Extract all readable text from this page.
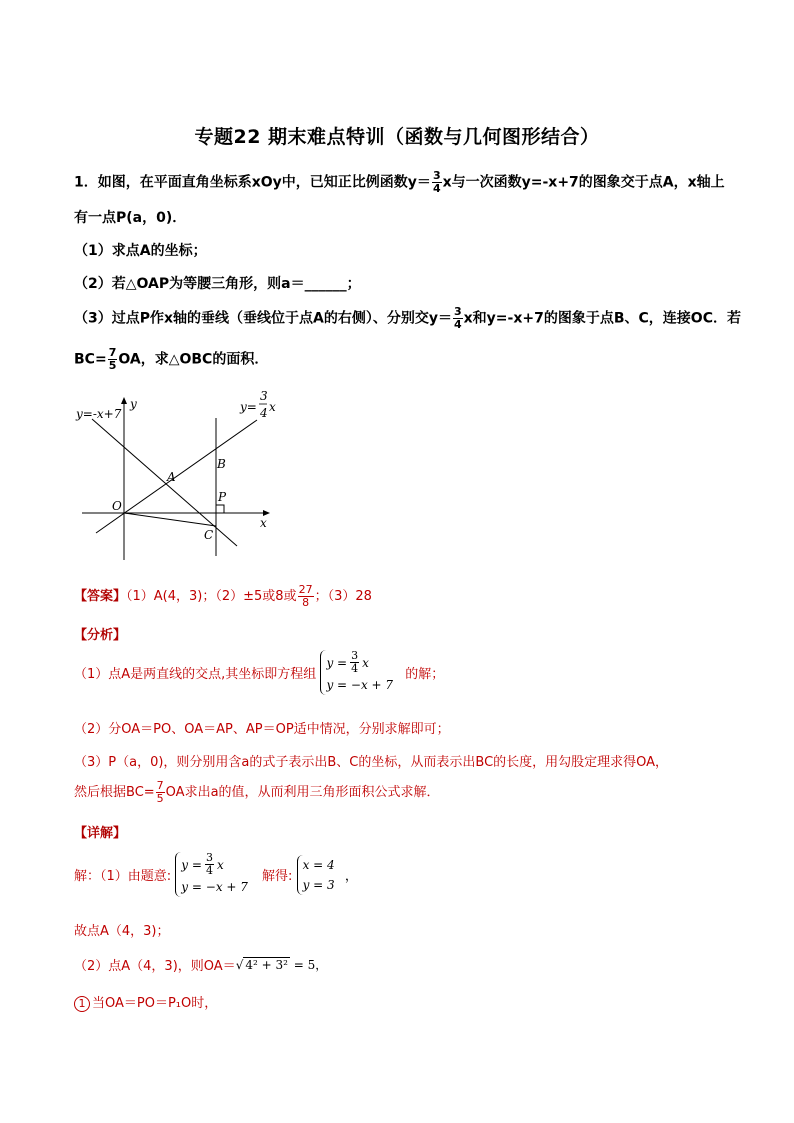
专题22 期末难点特训（函数与几何图形结合）
1．如图，在平面直角坐标系xOy中，已知正比例函数$y= \frac{3}{4}$ x与一次函数y=-x+7的图象交于点A，x轴上
有一点P(a，0)．
（1）求点A的坐标；
（2）若△OAP为等腰三角形，则a＝______；
（3）过点P作x轴的垂线（垂线位于点A的右侧）、分别交$y= \frac{3}{4}$ x和y=-x+7的图象于点B、C，连接OC．若
$BC= \frac{7}{5}$ OA，求△OBC的面积．
y=-x+7	y=
3
4 x
y
x
O
A
B
P
C
【答案】（1）A(4，3)；（2）±5或8或 $\frac{27}{8}$ ；（3）28
【分析】
（1）点A是两直线的交点,其坐标即方程组
$y = \frac{3}{4}$ x
y = −x + 7
的解；
（2）分OA＝PO、OA＝AP、AP＝OP适中情况，分别求解即可；
（3）P（a，0)，则分别用含a的式子表示出B、C的坐标，从而表示出BC的长度，用勾股定理求得OA，
然后根据$BC= \frac{7}{5}$ OA求出a的值，从而利用三角形面积公式求解．
【详解】
解：（1）由题意:
$y = \frac{3}{4}$ x
y = −x + 7
解得:
x = 4
y = 3
，
故点A（4，3)；
（2）点A（4，3)，则OA＝√ 4² + 3² = 5，
1 当OA＝PO＝P₁O时，
